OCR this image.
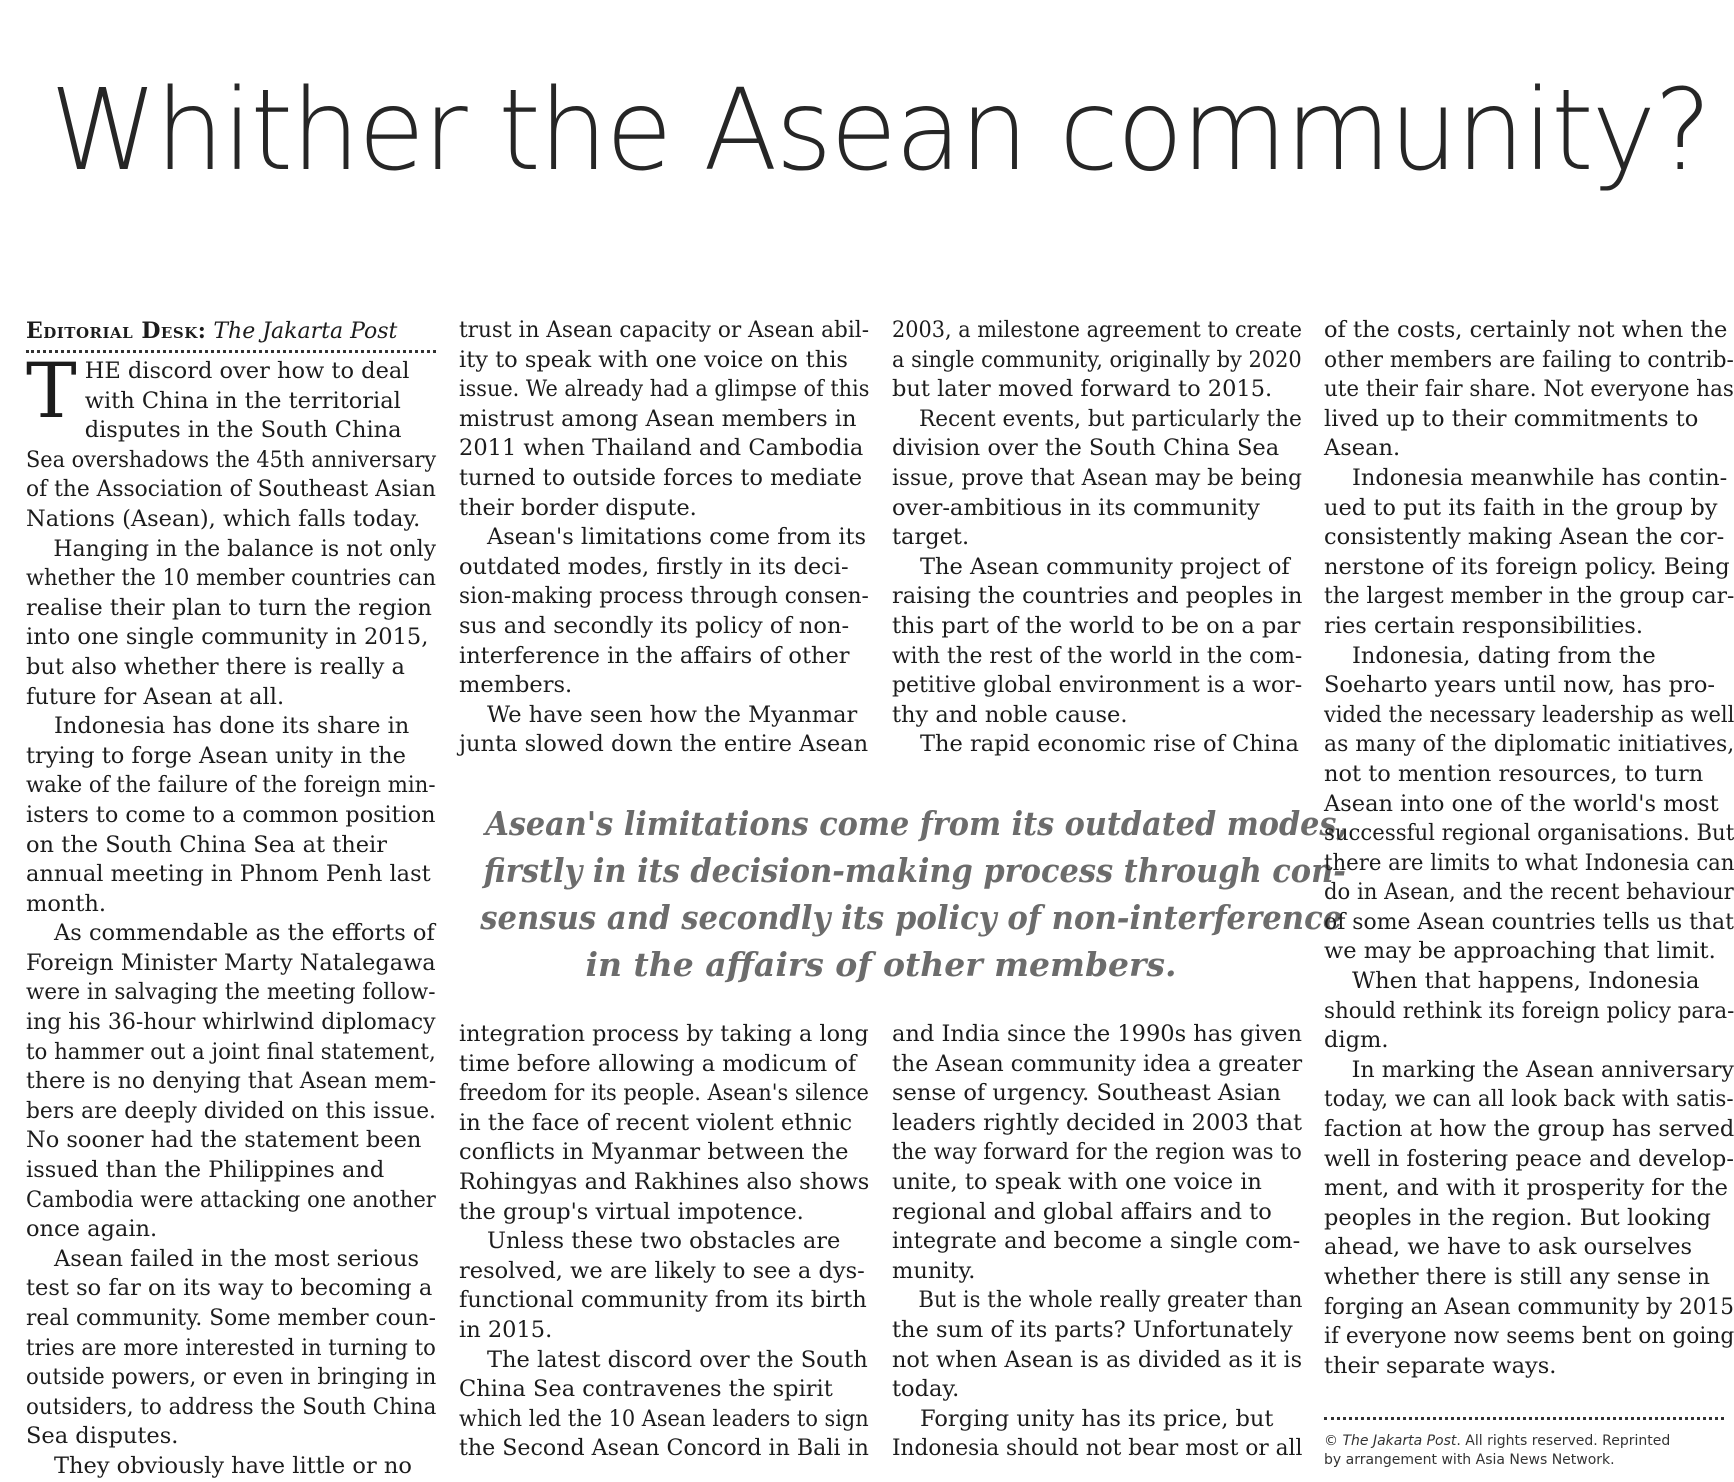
Whither the Asean community?
Editorial Desk: The Jakarta Post
T HE discord over how to deal

with China in the territorial

disputes in the South China

Sea overshadows the 45th anniversary

of the Association of Southeast Asian

Nations (Asean), which falls today.

Hanging in the balance is not only

whether the 10 member countries can

realise their plan to turn the region

into one single community in 2015,

but also whether there is really a

future for Asean at all.

Indonesia has done its share in

trying to forge Asean unity in the

wake of the failure of the foreign min-

isters to come to a common position

on the South China Sea at their

annual meeting in Phnom Penh last

month.

As commendable as the efforts of

Foreign Minister Marty Natalegawa

were in salvaging the meeting follow-

ing his 36-hour whirlwind diplomacy

to hammer out a joint final statement,

there is no denying that Asean mem-

bers are deeply divided on this issue.

No sooner had the statement been

issued than the Philippines and

Cambodia were attacking one another

once again.

Asean failed in the most serious

test so far on its way to becoming a

real community. Some member coun-

tries are more interested in turning to

outside powers, or even in bringing in

outsiders, to address the South China

Sea disputes.

They obviously have little or no

trust in Asean capacity or Asean abil-

ity to speak with one voice on this

issue. We already had a glimpse of this

mistrust among Asean members in

2011 when Thailand and Cambodia

turned to outside forces to mediate

their border dispute.

Asean's limitations come from its

outdated modes, firstly in its deci-

sion-making process through consen-

sus and secondly its policy of non-

interference in the affairs of other

members.

We have seen how the Myanmar

junta slowed down the entire Asean

2003, a milestone agreement to create

a single community, originally by 2020

but later moved forward to 2015.

Recent events, but particularly the

division over the South China Sea

issue, prove that Asean may be being

over-ambitious in its community

target.

The Asean community project of

raising the countries and peoples in

this part of the world to be on a par

with the rest of the world in the com-

petitive global environment is a wor-

thy and noble cause.

The rapid economic rise of China

Asean's limitations come from its outdated modes,
firstly in its decision-making process through con-
sensus and secondly its policy of non-interference
in the affairs of other members.

integration process by taking a long

time before allowing a modicum of

freedom for its people. Asean's silence

in the face of recent violent ethnic

conflicts in Myanmar between the

Rohingyas and Rakhines also shows

the group's virtual impotence.

Unless these two obstacles are

resolved, we are likely to see a dys-

functional community from its birth

in 2015.

The latest discord over the South

China Sea contravenes the spirit

which led the 10 Asean leaders to sign

the Second Asean Concord in Bali in

and India since the 1990s has given

the Asean community idea a greater

sense of urgency. Southeast Asian

leaders rightly decided in 2003 that

the way forward for the region was to

unite, to speak with one voice in

regional and global affairs and to

integrate and become a single com-

munity.

But is the whole really greater than

the sum of its parts? Unfortunately

not when Asean is as divided as it is

today.

Forging unity has its price, but

Indonesia should not bear most or all

of the costs, certainly not when the

other members are failing to contrib-

ute their fair share. Not everyone has

lived up to their commitments to

Asean.

Indonesia meanwhile has contin-

ued to put its faith in the group by

consistently making Asean the cor-

nerstone of its foreign policy. Being

the largest member in the group car-

ries certain responsibilities.

Indonesia, dating from the

Soeharto years until now, has pro-

vided the necessary leadership as well

as many of the diplomatic initiatives,

not to mention resources, to turn

Asean into one of the world's most

successful regional organisations. But

there are limits to what Indonesia can

do in Asean, and the recent behaviour

of some Asean countries tells us that

we may be approaching that limit.

When that happens, Indonesia

should rethink its foreign policy para-

digm.

In marking the Asean anniversary

today, we can all look back with satis-

faction at how the group has served

well in fostering peace and develop-

ment, and with it prosperity for the

peoples in the region. But looking

ahead, we have to ask ourselves

whether there is still any sense in

forging an Asean community by 2015

if everyone now seems bent on going

their separate ways.

© The Jakarta Post. All rights reserved. Reprinted
by arrangement with Asia News Network.
